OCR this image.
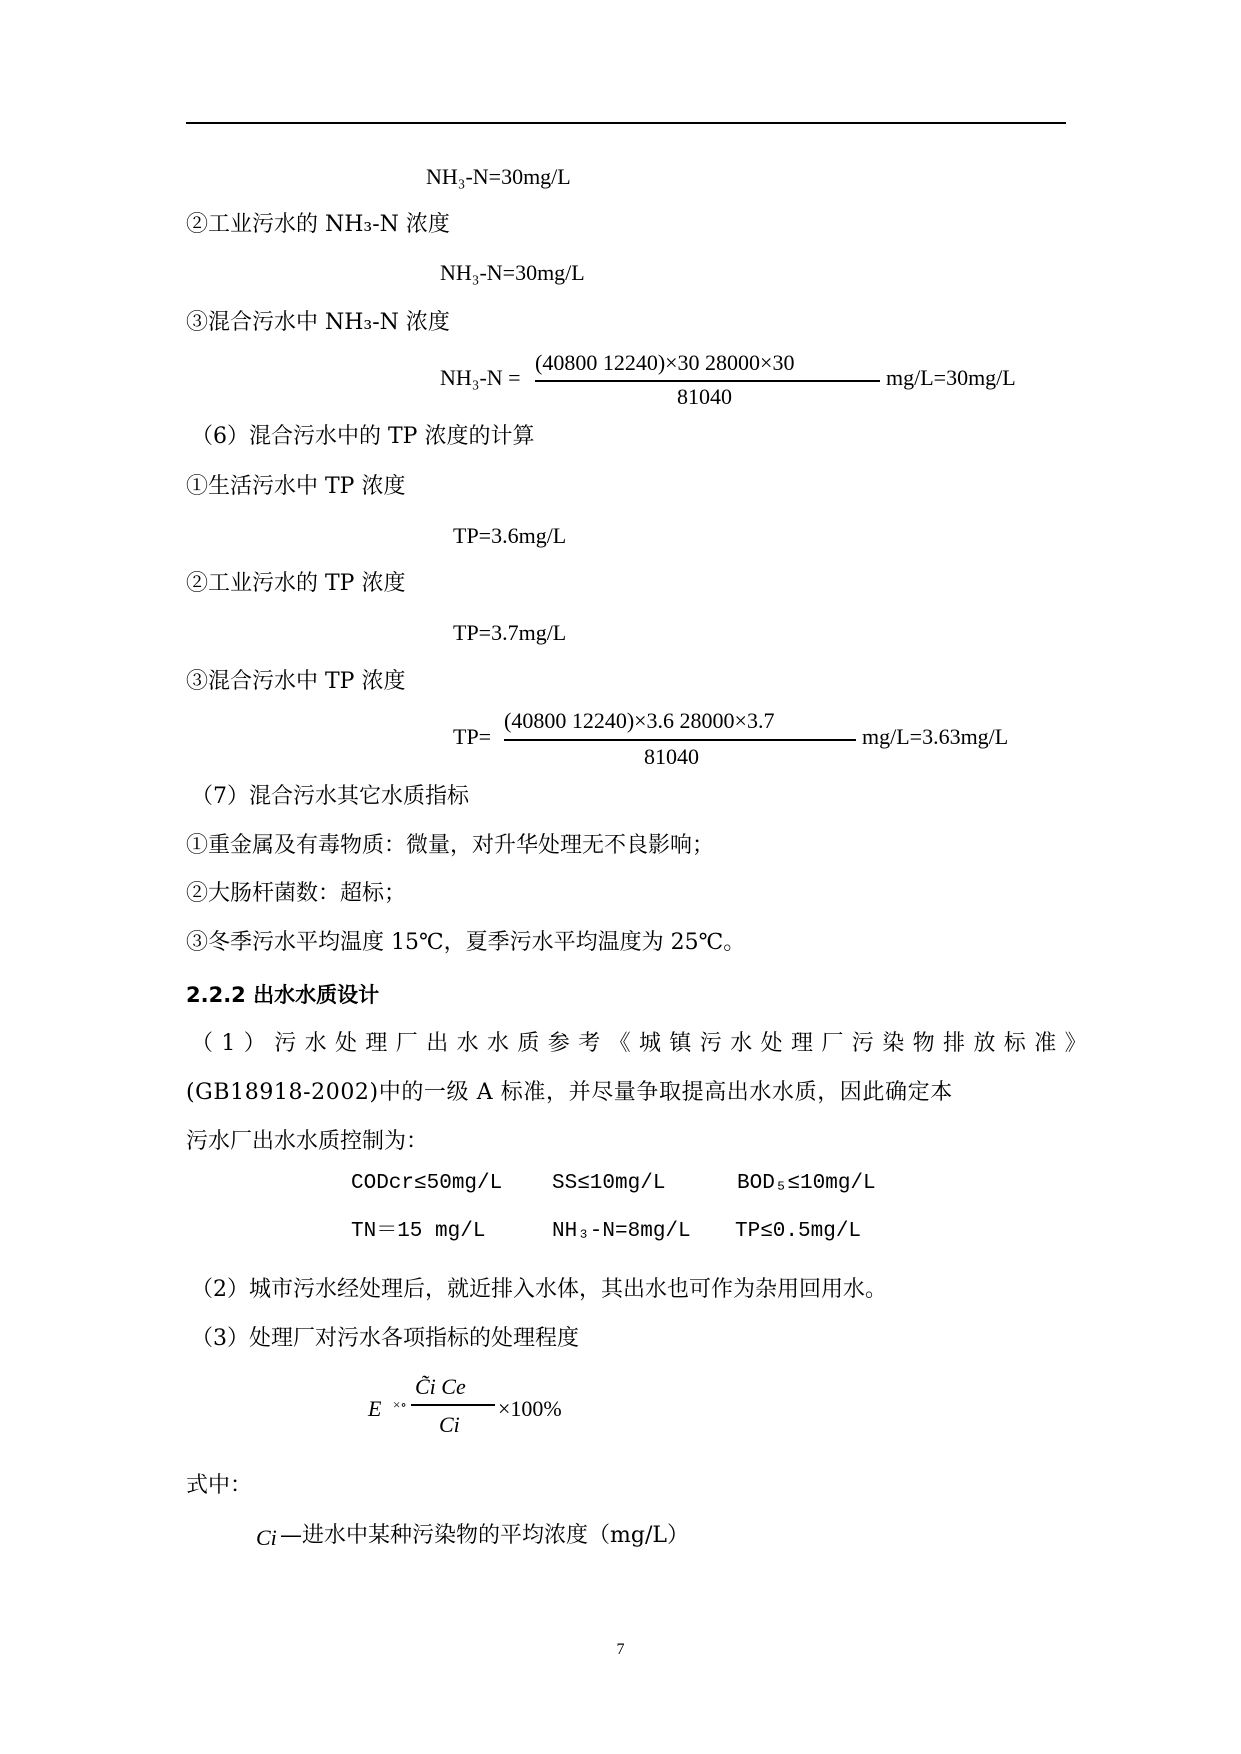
NH₃-N=30mg/L
②工业污水的 NH₃-N 浓度
NH₃-N=30mg/L
③混合污水中 NH₃-N 浓度
NH₃-N =
(40800 12240)×30 28000×30
81040
mg/L=30mg/L
（6）混合污水中的 TP 浓度的计算
①生活污水中 TP 浓度
TP=3.6mg/L
②工业污水的 TP 浓度
TP=3.7mg/L
③混合污水中 TP 浓度
TP=
(40800 12240)×3.6 28000×3.7
81040
mg/L=3.63mg/L
（7）混合污水其它水质指标
①重金属及有毒物质：微量，对升华处理无不良影响；
②大肠杆菌数：超标；
③冬季污水平均温度 15℃，夏季污水平均温度为 25℃。
2.2.2 出水水质设计
（1）污水处理厂出水水质参考《城镇污水处理厂污染物排放标准》
(GB18918-2002)中的一级 A 标准，并尽量争取提高出水水质，因此确定本
污水厂出水水质控制为：
CODcr≤50mg/L SS≤10mg/L	BOD₅≤10mg/L
TN＝15 mg/L	NH₃-N=8mg/L TP≤0.5mg/L
（2）城市污水经处理后，就近排入水体，其出水也可作为杂用回用水。
（3）处理厂对污水各项指标的处理程度
E ×∘
C̃i Ce
Ci
×100%
式中：
Ci —进水中某种污染物的平均浓度（mg/L）
7
